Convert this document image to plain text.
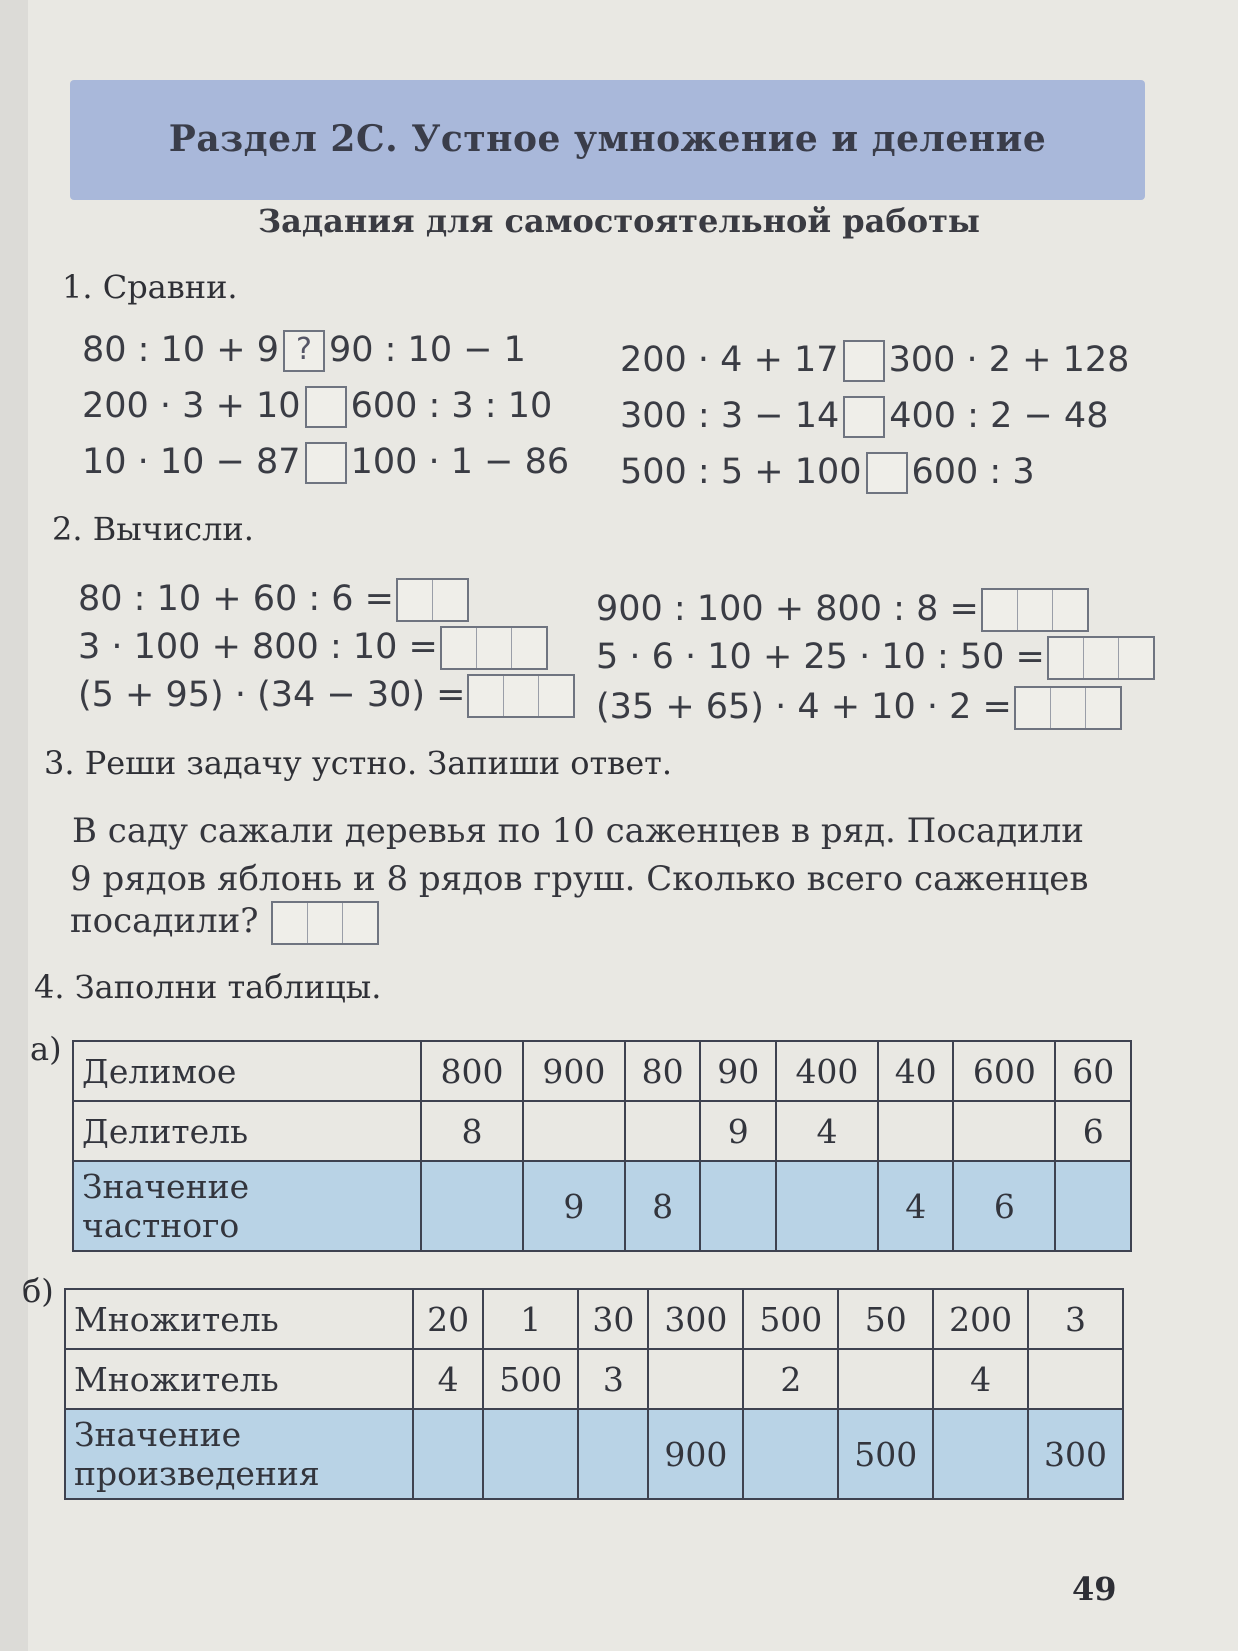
Раздел 2С. Устное умножение и деление
Задания для самостоятельной работы
1. Сравни.
80 : 10 + 9 ? 90 : 10 − 1
200 · 3 + 10 600 : 3 : 10
10 · 10 − 87 100 · 1 − 86
200 · 4 + 17 300 · 2 + 128
300 : 3 − 14 400 : 2 − 48
500 : 5 + 100 600 : 3
2. Вычисли.
80 : 10 + 60 : 6 =
3 · 100 + 800 : 10 =
(5 + 95) · (34 − 30) =
900 : 100 + 800 : 8 =
5 · 6 · 10 + 25 · 10 : 50 =
(35 + 65) · 4 + 10 · 2 =
3. Реши задачу устно. Запиши ответ.
В саду сажали деревья по 10 саженцев в ряд. Посадили
9 рядов яблонь и 8 рядов груш. Сколько всего саженцев
посадили?
4. Заполни таблицы.
а)
Делимое	800	900	80	90	400	40	600	60
Делитель	8			9	4			6

Значение
частного		9	8			4	6	
б)
Множитель	20	1	30	300	500	50	200	3
Множитель	4	500	3		2		4	

Значение
произведения				900		500		300
49
